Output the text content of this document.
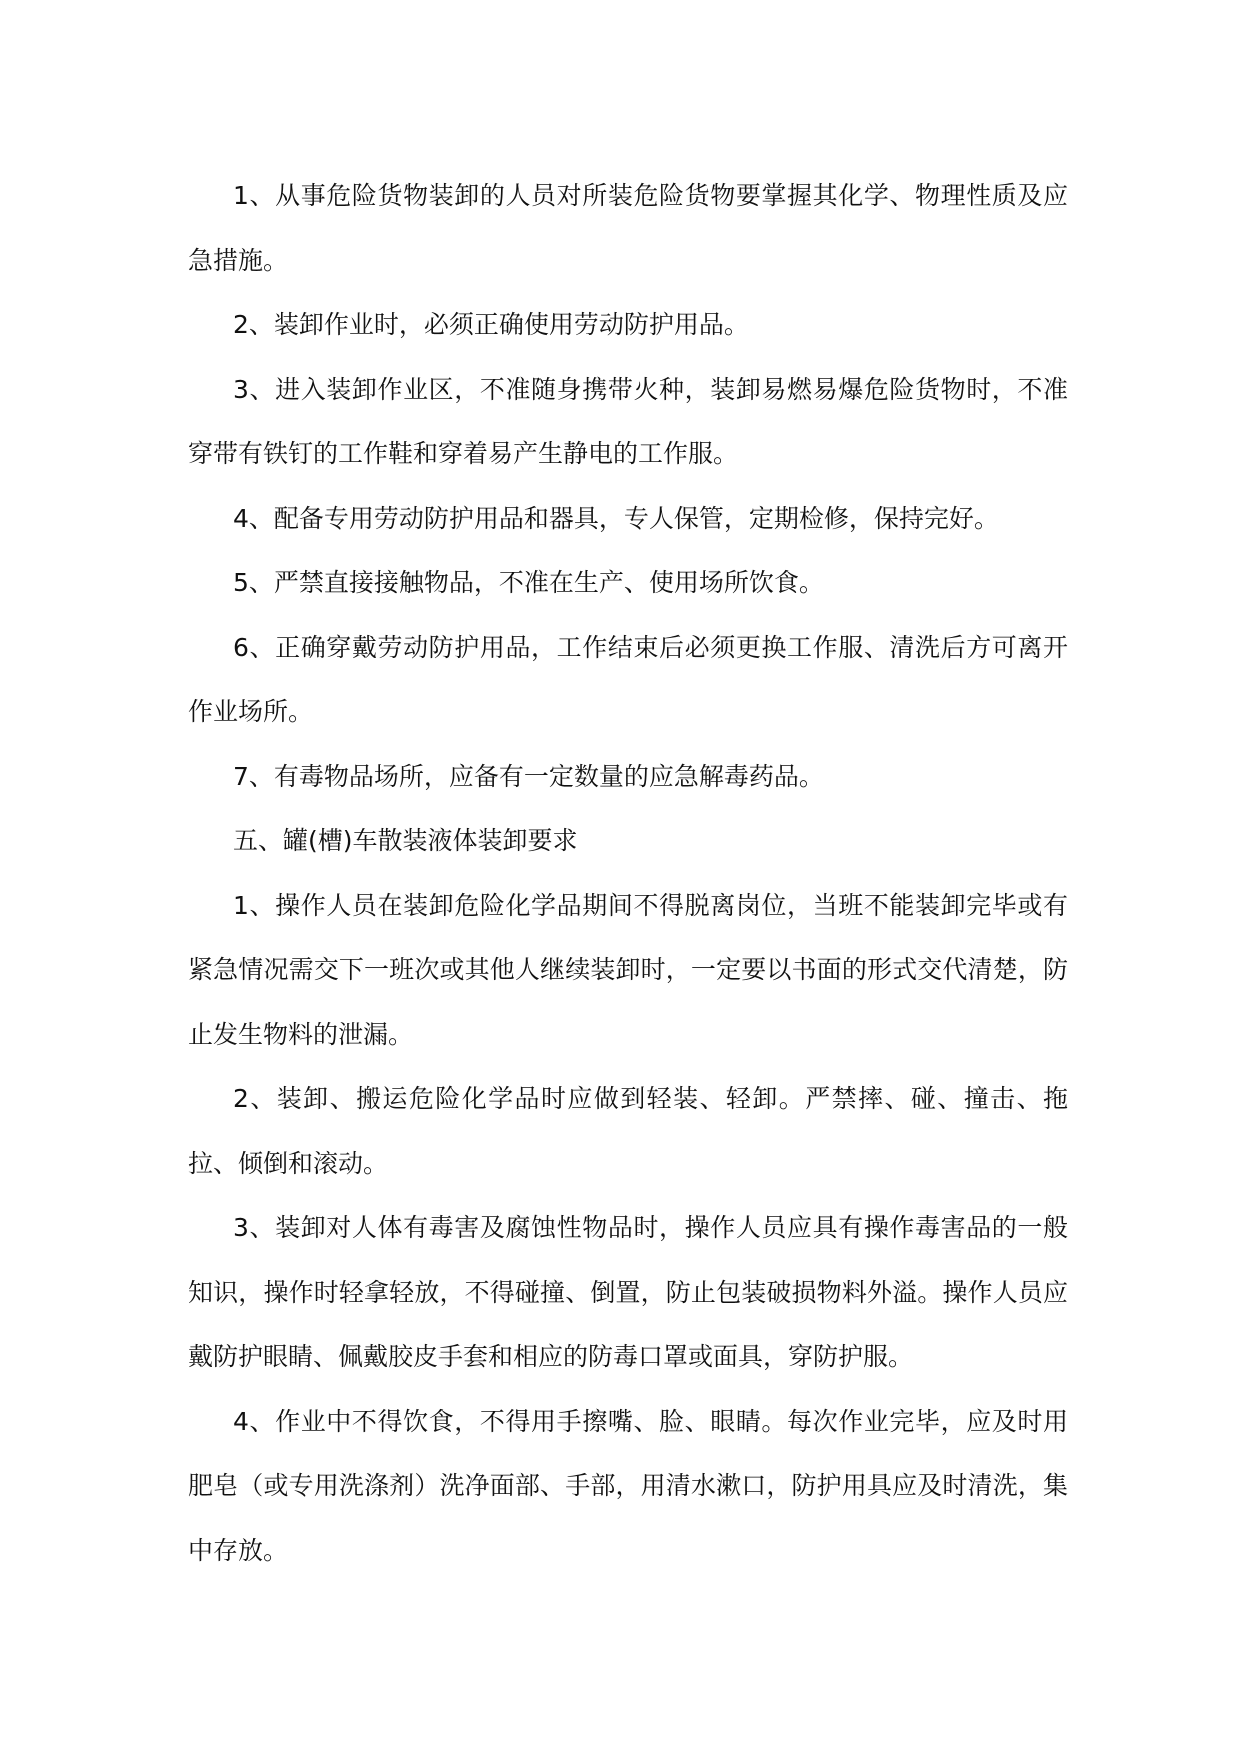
1、从事危险货物装卸的人员对所装危险货物要掌握其化学、物理性质及应急措施。

2、装卸作业时，必须正确使用劳动防护用品。

3、进入装卸作业区，不准随身携带火种，装卸易燃易爆危险货物时，不准穿带有铁钉的工作鞋和穿着易产生静电的工作服。

4、配备专用劳动防护用品和器具，专人保管，定期检修，保持完好。

5、严禁直接接触物品，不准在生产、使用场所饮食。

6、正确穿戴劳动防护用品，工作结束后必须更换工作服、清洗后方可离开作业场所。

7、有毒物品场所，应备有一定数量的应急解毒药品。

五、罐(槽)车散装液体装卸要求

1、操作人员在装卸危险化学品期间不得脱离岗位，当班不能装卸完毕或有紧急情况需交下一班次或其他人继续装卸时，一定要以书面的形式交代清楚，防止发生物料的泄漏。

2、装卸、搬运危险化学品时应做到轻装、轻卸。严禁摔、碰、撞击、拖拉、倾倒和滚动。

3、装卸对人体有毒害及腐蚀性物品时，操作人员应具有操作毒害品的一般知识，操作时轻拿轻放，不得碰撞、倒置，防止包装破损物料外溢。操作人员应戴防护眼睛、佩戴胶皮手套和相应的防毒口罩或面具，穿防护服。

4、作业中不得饮食，不得用手擦嘴、脸、眼睛。每次作业完毕，应及时用肥皂（或专用洗涤剂）洗净面部、手部，用清水漱口，防护用具应及时清洗，集中存放。
